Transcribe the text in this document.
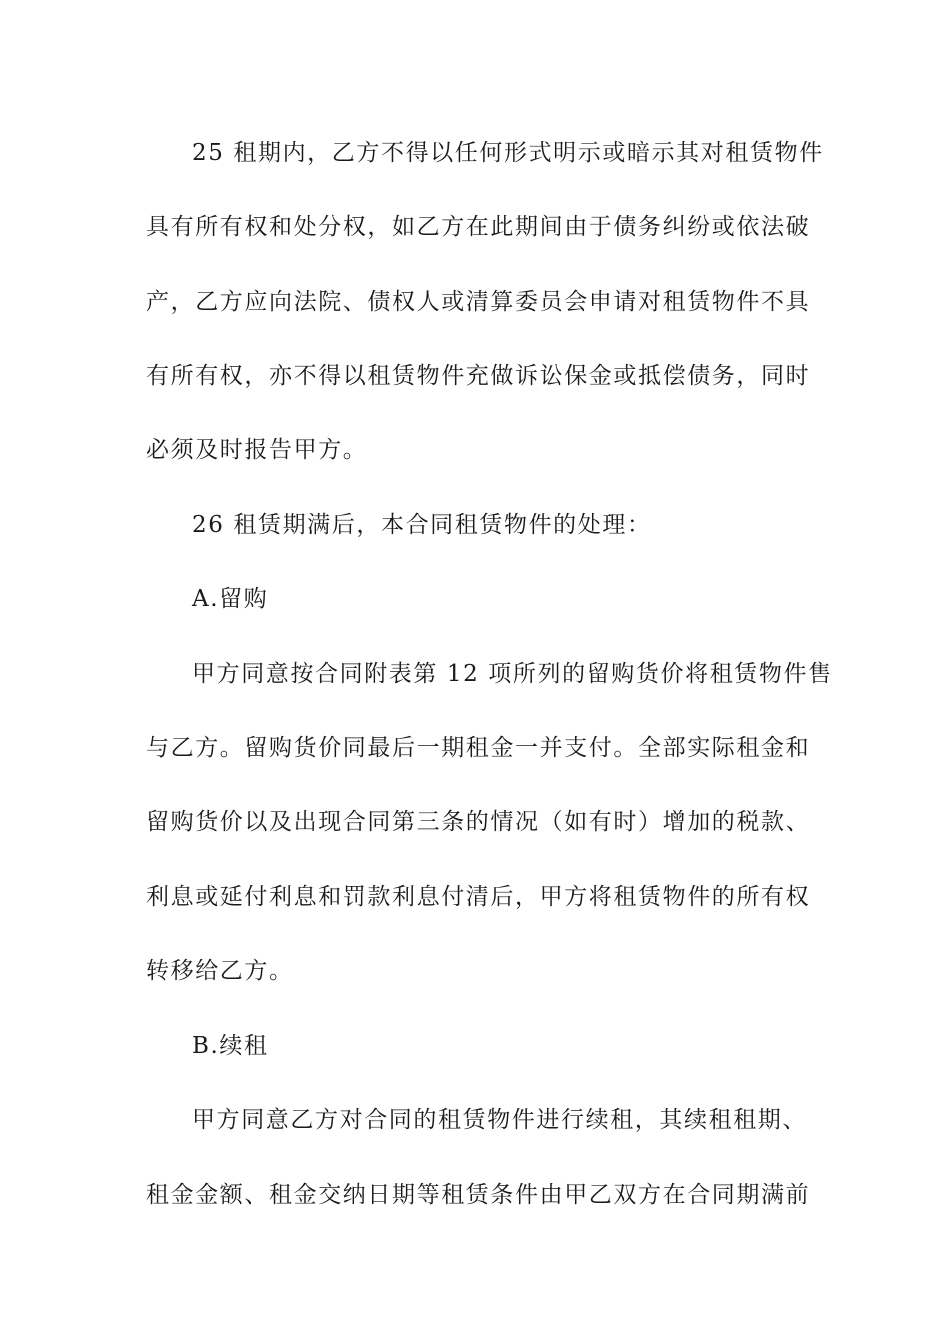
25 租期内，乙方不得以任何形式明示或暗示其对租赁物件
具有所有权和处分权，如乙方在此期间由于债务纠纷或依法破
产，乙方应向法院、债权人或清算委员会申请对租赁物件不具
有所有权，亦不得以租赁物件充做诉讼保金或抵偿债务，同时
必须及时报告甲方。
26 租赁期满后，本合同租赁物件的处理：
A.留购
甲方同意按合同附表第 12 项所列的留购货价将租赁物件售
与乙方。留购货价同最后一期租金一并支付。全部实际租金和
留购货价以及出现合同第三条的情况（如有时）增加的税款、
利息或延付利息和罚款利息付清后，甲方将租赁物件的所有权
转移给乙方。
B.续租
甲方同意乙方对合同的租赁物件进行续租，其续租租期、
租金金额、租金交纳日期等租赁条件由甲乙双方在合同期满前
